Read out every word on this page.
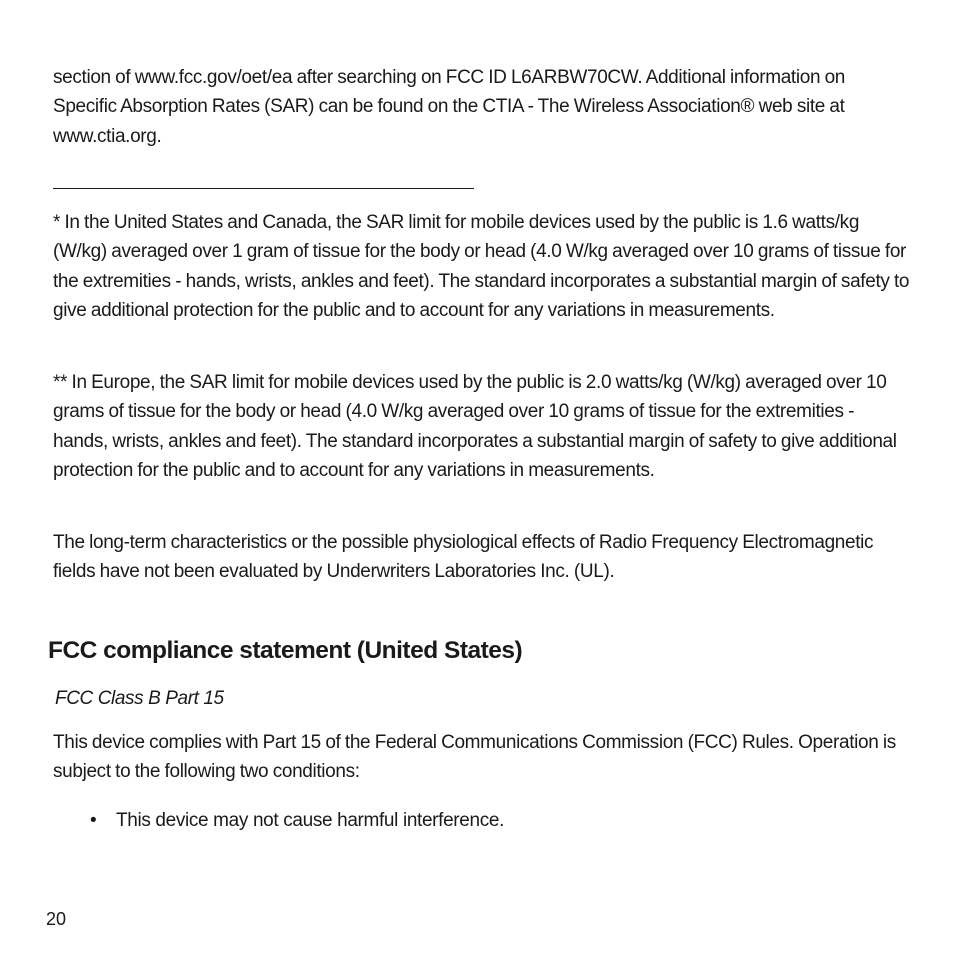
section of www.fcc.gov/oet/ea after searching on FCC ID L6ARBW70CW. Additional information on Specific Absorption Rates (SAR) can be found on the CTIA - The Wireless Association® web site at www.ctia.org.

* In the United States and Canada, the SAR limit for mobile devices used by the public is 1.6 watts/kg (W/kg) averaged over 1 gram of tissue for the body or head (4.0 W/kg averaged over 10 grams of tissue for the extremities - hands, wrists, ankles and feet). The standard incorporates a substantial margin of safety to give additional protection for the public and to account for any variations in measurements.

** In Europe, the SAR limit for mobile devices used by the public is 2.0 watts/kg (W/kg) averaged over 10 grams of tissue for the body or head (4.0 W/kg averaged over 10 grams of tissue for the extremities - hands, wrists, ankles and feet). The standard incorporates a substantial margin of safety to give additional protection for the public and to account for any variations in measurements.

The long-term characteristics or the possible physiological effects of Radio Frequency Electromagnetic fields have not been evaluated by Underwriters Laboratories Inc. (UL).

FCC compliance statement (United States)

FCC Class B Part 15

This device complies with Part 15 of the Federal Communications Commission (FCC) Rules. Operation is subject to the following two conditions:

• This device may not cause harmful interference.
20
